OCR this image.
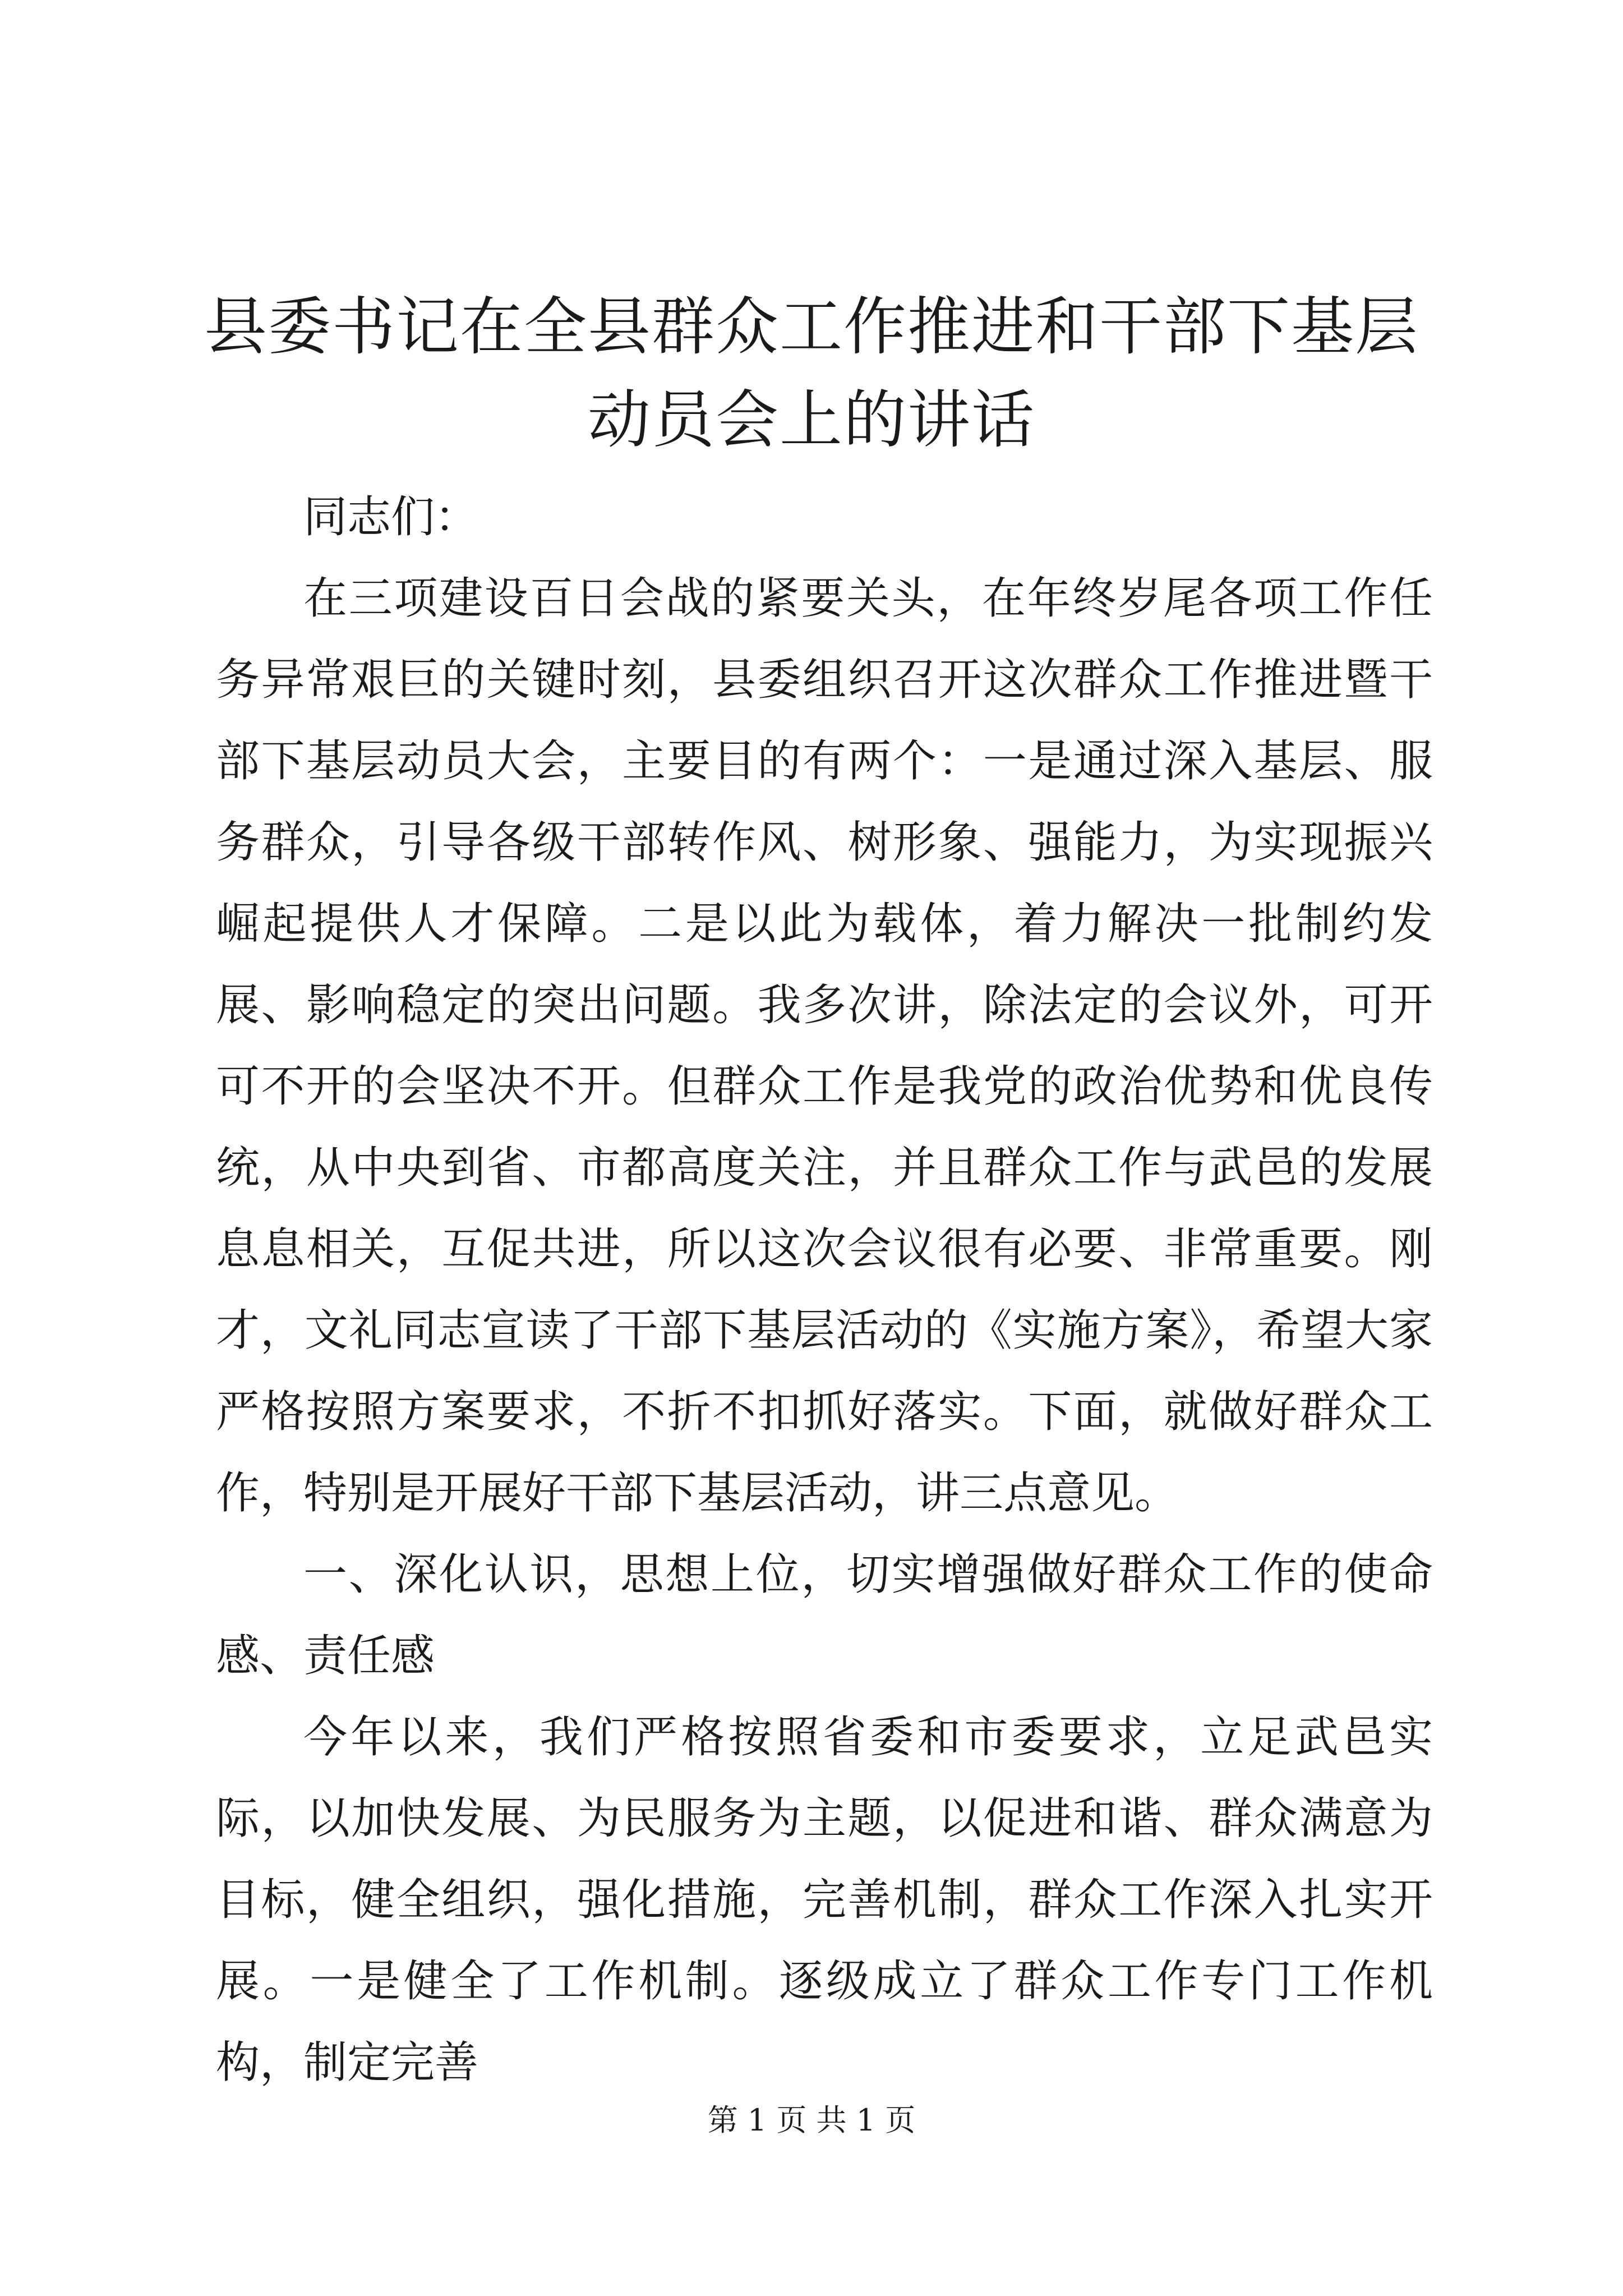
县委书记在全县群众工作推进和干部下基层动员会上的讲话

同志们：

在三项建设百日会战的紧要关头，在年终岁尾各项工作任务异常艰巨的关键时刻，县委组织召开这次群众工作推进暨干部下基层动员大会，主要目的有两个：一是通过深入基层、服务群众，引导各级干部转作风、树形象、强能力，为实现振兴崛起提供人才保障。二是以此为载体，着力解决一批制约发展、影响稳定的突出问题。我多次讲，除法定的会议外，可开可不开的会坚决不开。但群众工作是我党的政治优势和优良传统，从中央到省、市都高度关注，并且群众工作与武邑的发展息息相关，互促共进，所以这次会议很有必要、非常重要。刚才，文礼同志宣读了干部下基层活动的《实施方案》，希望大家严格按照方案要求，不折不扣抓好落实。下面，就做好群众工作，特别是开展好干部下基层活动，讲三点意见。

一、深化认识，思想上位，切实增强做好群众工作的使命感、责任感

今年以来，我们严格按照省委和市委要求，立足武邑实际，以加快发展、为民服务为主题，以促进和谐、群众满意为目标，健全组织，强化措施，完善机制，群众工作深入扎实开展。一是健全了工作机制。逐级成立了群众工作专门工作机构，制定完善

第 1 页 共 1 页
